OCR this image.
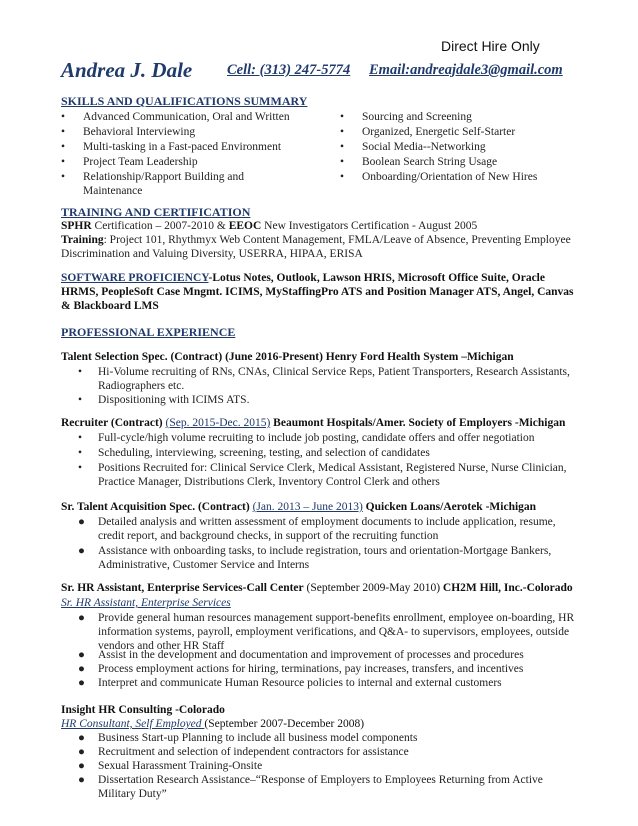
Direct Hire Only
Andrea J. Dale Cell: (313) 247-5774 Email:andreajdale3@gmail.com
SKILLS AND QUALIFICATIONS SUMMARY
• Advanced Communication, Oral and Written
• Behavioral Interviewing
• Multi-tasking in a Fast-paced Environment
• Project Team Leadership
• Relationship/Rapport Building and Maintenance
• Sourcing and Screening
• Organized, Energetic Self-Starter
• Social Media--Networking
• Boolean Search String Usage
• Onboarding/Orientation of New Hires
TRAINING AND CERTIFICATION
SPHR Certification – 2007-2010 & EEOC New Investigators Certification - August 2005
Training: Project 101, Rhythmyx Web Content Management, FMLA/Leave of Absence, Preventing Employee Discrimination and Valuing Diversity, USERRA, HIPAA, ERISA
SOFTWARE PROFICIENCY-Lotus Notes, Outlook, Lawson HRIS, Microsoft Office Suite, Oracle HRMS, PeopleSoft Case Mngmt. ICIMS, MyStaffingPro ATS and Position Manager ATS, Angel, Canvas & Blackboard LMS
PROFESSIONAL EXPERIENCE
Talent Selection Spec. (Contract) (June 2016-Present) Henry Ford Health System –Michigan
• Hi-Volume recruiting of RNs, CNAs, Clinical Service Reps, Patient Transporters, Research Assistants, Radiographers etc.
• Dispositioning with ICIMS ATS.
Recruiter (Contract) (Sep. 2015-Dec. 2015) Beaumont Hospitals/Amer. Society of Employers -Michigan
• Full-cycle/high volume recruiting to include job posting, candidate offers and offer negotiation
• Scheduling, interviewing, screening, testing, and selection of candidates
• Positions Recruited for: Clinical Service Clerk, Medical Assistant, Registered Nurse, Nurse Clinician, Practice Manager, Distributions Clerk, Inventory Control Clerk and others
Sr. Talent Acquisition Spec. (Contract) (Jan. 2013 – June 2013) Quicken Loans/Aerotek -Michigan
● Detailed analysis and written assessment of employment documents to include application, resume, credit report, and background checks, in support of the recruiting function
● Assistance with onboarding tasks, to include registration, tours and orientation-Mortgage Bankers, Administrative, Customer Service and Interns
Sr. HR Assistant, Enterprise Services-Call Center (September 2009-May 2010) CH2M Hill, Inc.-Colorado
Sr. HR Assistant, Enterprise Services
● Provide general human resources management support-benefits enrollment, employee on-boarding, HR information systems, payroll, employment verifications, and Q&A- to supervisors, employees, outside vendors and other HR Staff
● Assist in the development and documentation and improvement of processes and procedures
● Process employment actions for hiring, terminations, pay increases, transfers, and incentives
● Interpret and communicate Human Resource policies to internal and external customers
Insight HR Consulting -Colorado
HR Consultant, Self Employed (September 2007-December 2008)
● Business Start-up Planning to include all business model components
● Recruitment and selection of independent contractors for assistance
● Sexual Harassment Training-Onsite
● Dissertation Research Assistance–“Response of Employers to Employees Returning from Active Military Duty”
